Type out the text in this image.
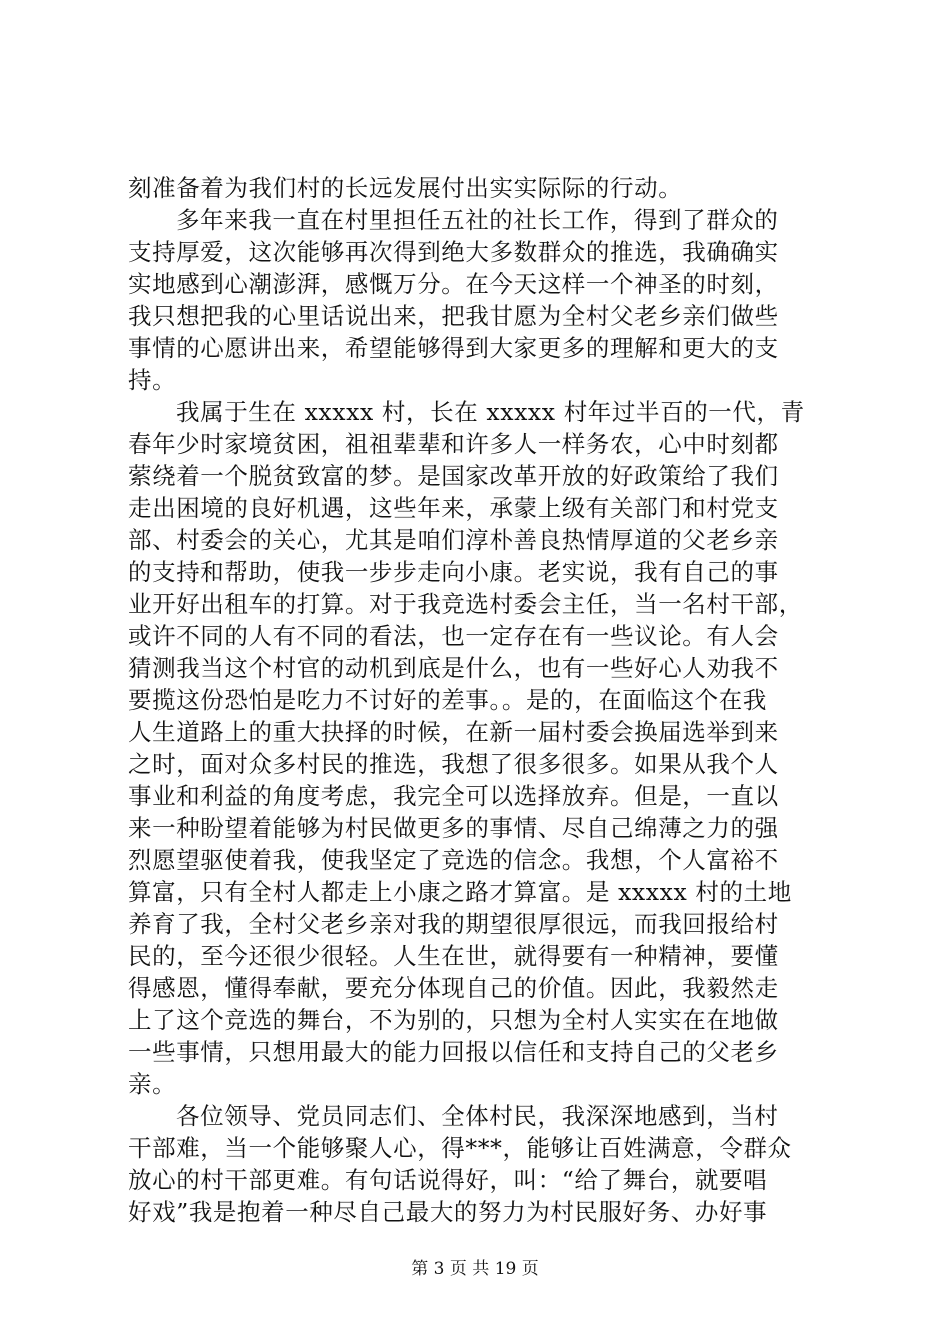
刻准备着为我们村的长远发展付出实实际际的行动。
多年来我一直在村里担任五社的社长工作，得到了群众的
支持厚爱，这次能够再次得到绝大多数群众的推选，我确确实
实地感到心潮澎湃，感慨万分。在今天这样一个神圣的时刻，
我只想把我的心里话说出来，把我甘愿为全村父老乡亲们做些
事情的心愿讲出来，希望能够得到大家更多的理解和更大的支
持。
我属于生在 xxxxx 村，长在 xxxxx 村年过半百的一代，青
春年少时家境贫困，祖祖辈辈和许多人一样务农，心中时刻都
萦绕着一个脱贫致富的梦。是国家改革开放的好政策给了我们
走出困境的良好机遇，这些年来，承蒙上级有关部门和村党支
部、村委会的关心，尤其是咱们淳朴善良热情厚道的父老乡亲
的支持和帮助，使我一步步走向小康。老实说，我有自己的事
业开好出租车的打算。对于我竞选村委会主任，当一名村干部，
或许不同的人有不同的看法，也一定存在有一些议论。有人会
猜测我当这个村官的动机到底是什么，也有一些好心人劝我不
要揽这份恐怕是吃力不讨好的差事。。是的，在面临这个在我
人生道路上的重大抉择的时候，在新一届村委会换届选举到来
之时，面对众多村民的推选，我想了很多很多。如果从我个人
事业和利益的角度考虑，我完全可以选择放弃。但是，一直以
来一种盼望着能够为村民做更多的事情、尽自己绵薄之力的强
烈愿望驱使着我，使我坚定了竞选的信念。我想，个人富裕不
算富，只有全村人都走上小康之路才算富。是 xxxxx 村的土地
养育了我，全村父老乡亲对我的期望很厚很远，而我回报给村
民的，至今还很少很轻。人生在世，就得要有一种精神，要懂
得感恩，懂得奉献，要充分体现自己的价值。因此，我毅然走
上了这个竞选的舞台，不为别的，只想为全村人实实在在地做
一些事情，只想用最大的能力回报以信任和支持自己的父老乡
亲。
各位领导、党员同志们、全体村民，我深深地感到，当村
干部难，当一个能够聚人心，得***，能够让百姓满意，令群众
放心的村干部更难。有句话说得好，叫：“给了舞台，就要唱
好戏”我是抱着一种尽自己最大的努力为村民服好务、办好事
第 3 页 共 19 页
